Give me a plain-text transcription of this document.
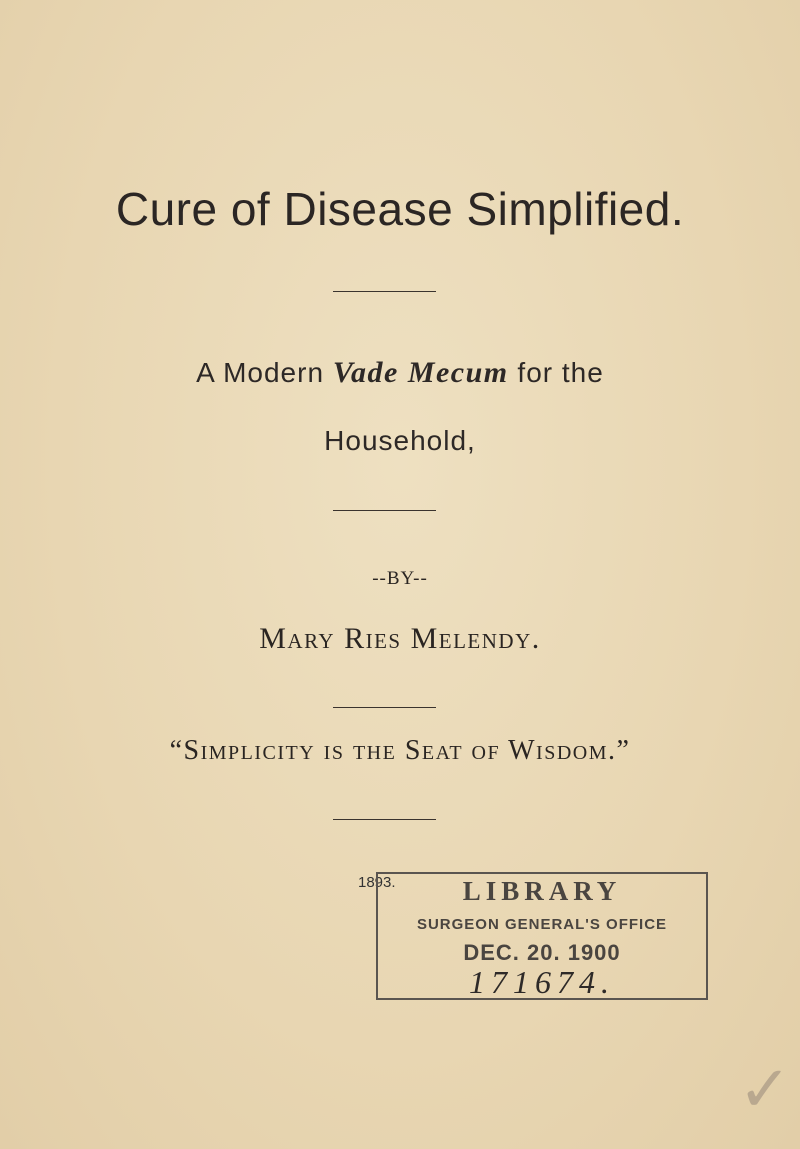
Cure of Disease Simplified.
A Modern Vade Mecum for the
Household,
--BY--
Mary Ries Melendy.
“Simplicity is the Seat of Wisdom.”
1893.	LIBRARY
SURGEON GENERAL'S OFFICE
DEC. 20. 1900
171674.
✓
